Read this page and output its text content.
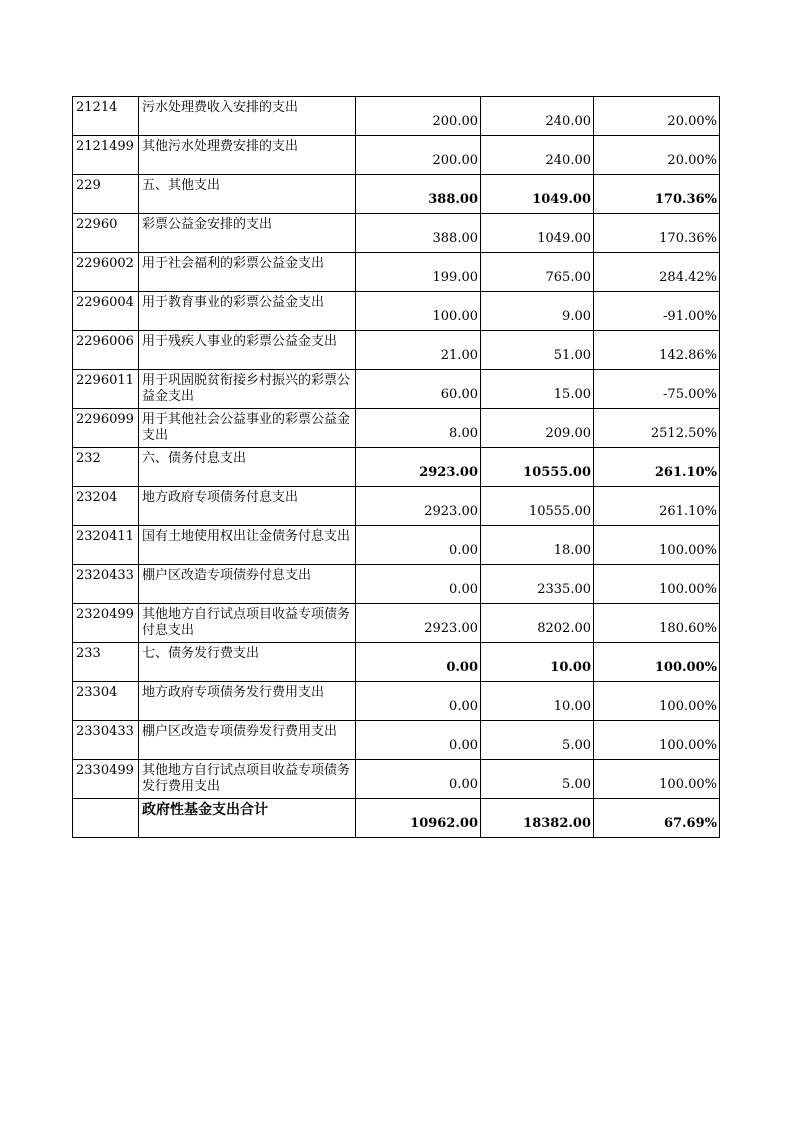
21214	污水处理费收入安排的支出	200.00	240.00	20.00%
2121499	其他污水处理费安排的支出	200.00	240.00	20.00%
229	五、其他支出	388.00	1049.00	170.36%
22960	彩票公益金安排的支出	388.00	1049.00	170.36%
2296002	用于社会福利的彩票公益金支出	199.00	765.00	284.42%
2296004	用于教育事业的彩票公益金支出	100.00	9.00	-91.00%
2296006	用于残疾人事业的彩票公益金支出	21.00	51.00	142.86%
2296011	用于巩固脱贫衔接乡村振兴的彩票公益金支出	60.00	15.00	-75.00%
2296099	用于其他社会公益事业的彩票公益金支出	8.00	209.00	2512.50%
232	六、债务付息支出	2923.00	10555.00	261.10%
23204	地方政府专项债务付息支出	2923.00	10555.00	261.10%
2320411	国有土地使用权出让金债务付息支出	0.00	18.00	100.00%
2320433	棚户区改造专项债券付息支出	0.00	2335.00	100.00%
2320499	其他地方自行试点项目收益专项债务付息支出	2923.00	8202.00	180.60%
233	七、债务发行费支出	0.00	10.00	100.00%
23304	地方政府专项债务发行费用支出	0.00	10.00	100.00%
2330433	棚户区改造专项债券发行费用支出	0.00	5.00	100.00%
2330499	其他地方自行试点项目收益专项债务发行费用支出	0.00	5.00	100.00%
	政府性基金支出合计	10962.00	18382.00	67.69%
